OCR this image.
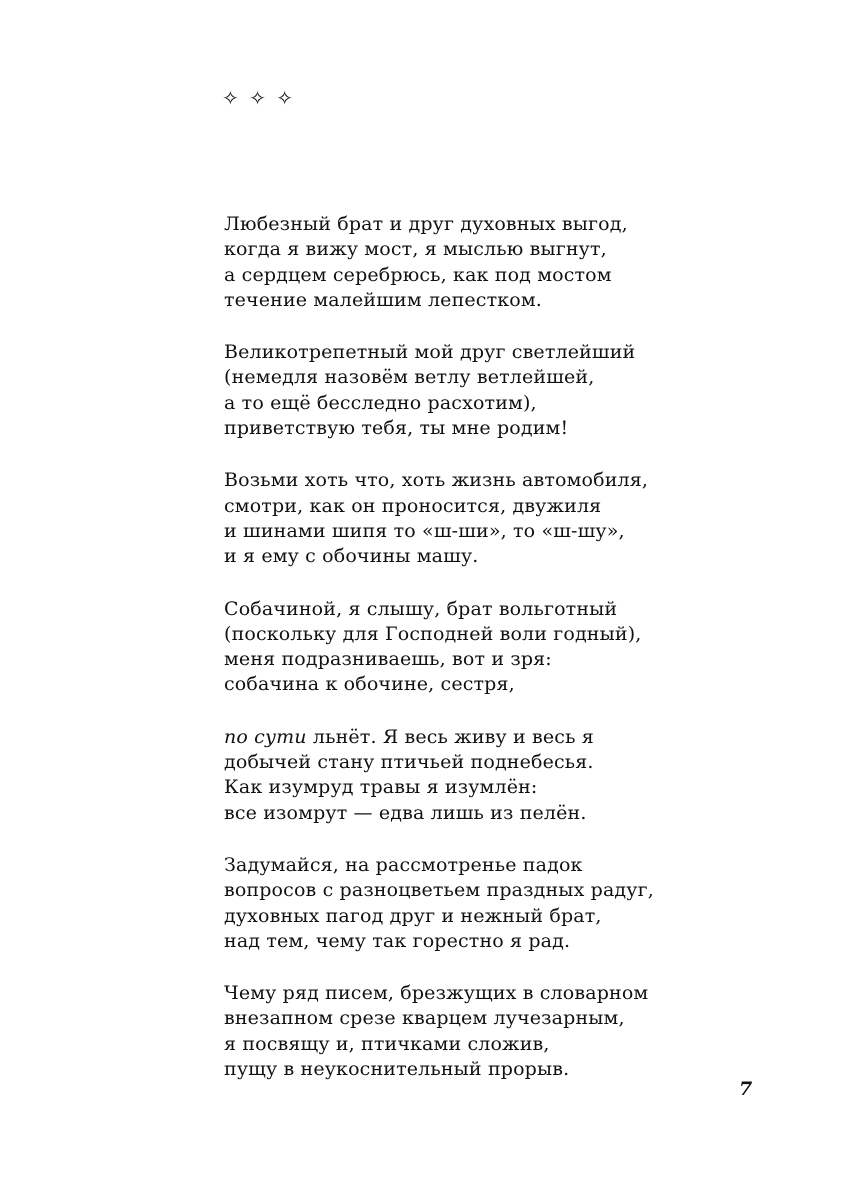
✧ ✧ ✧
Любезный брат и друг духовных выгод,
когда я вижу мост, я мыслью выгнут,
а сердцем серебрюсь, как под мостом
течение малейшим лепестком.
Великотрепетный мой друг светлейший
(немедля назовём ветлу ветлейшей,
а то ещё бесследно расхотим),
приветствую тебя, ты мне родим!
Возьми хоть что, хоть жизнь автомобиля,
смотри, как он проносится, двужиля
и шинами шипя то «ш-ши», то «ш-шу»,
и я ему с обочины машу.
Собачиной, я слышу, брат вольготный
(поскольку для Господней воли годный),
меня подразниваешь, вот и зря:
собачина к обочине, сестря,
по сути льнёт. Я весь живу и весь я
добычей стану птичьей поднебесья.
Как изумруд травы я изумлён:
все изомрут — едва лишь из пелён.
Задумайся, на рассмотренье падок
вопросов с разноцветьем праздных радуг,
духовных пагод друг и нежный брат,
над тем, чему так горестно я рад.
Чему ряд писем, брезжущих в словарном
внезапном срезе кварцем лучезарным,
я посвящу и, птичками сложив,
пущу в неукоснительный прорыв.
7
